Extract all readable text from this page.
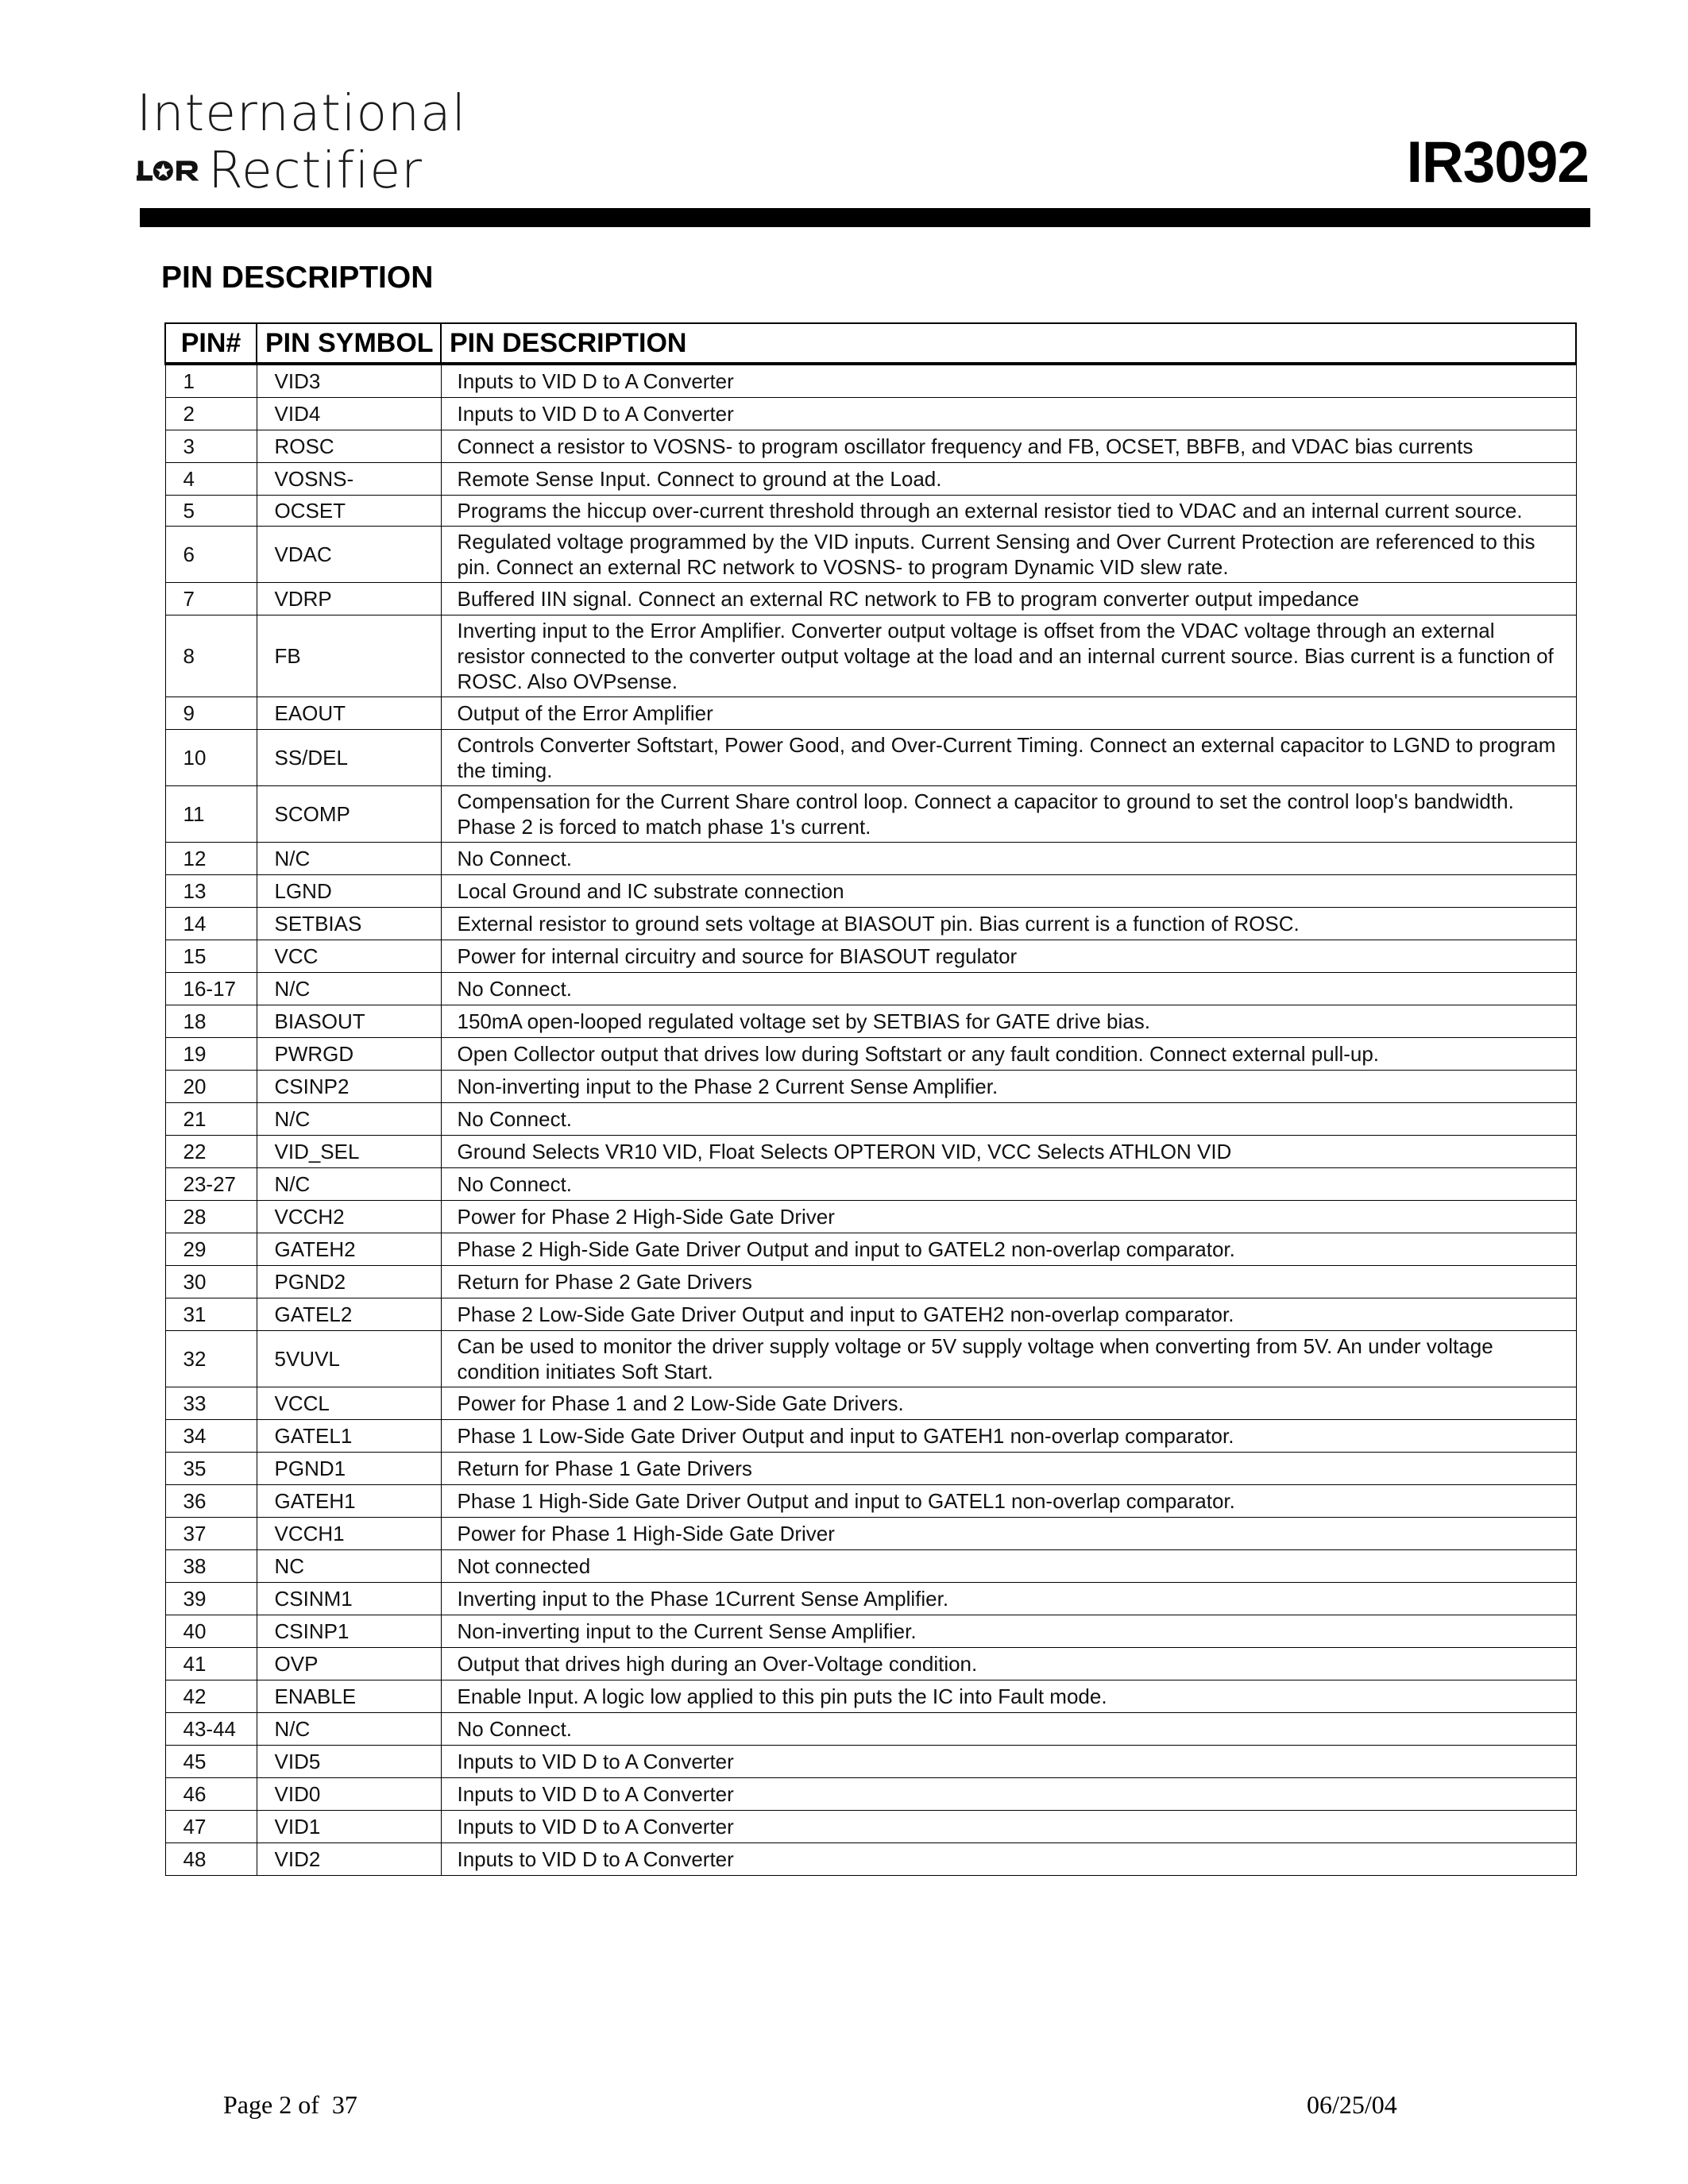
International
Rectifier	IR3092
PIN DESCRIPTION
PIN#	PIN SYMBOL	PIN DESCRIPTION
1	VID3	Inputs to VID D to A Converter
2	VID4	Inputs to VID D to A Converter
3	ROSC	Connect a resistor to VOSNS- to program oscillator frequency and FB, OCSET, BBFB, and VDAC bias currents
4	VOSNS-	Remote Sense Input. Connect to ground at the Load.
5	OCSET	Programs the hiccup over-current threshold through an external resistor tied to VDAC and an internal current source.
6	VDAC	Regulated voltage programmed by the VID inputs. Current Sensing and Over Current Protection are referenced to this pin. Connect an external RC network to VOSNS- to program Dynamic VID slew rate.
7	VDRP	Buffered IIN signal. Connect an external RC network to FB to program converter output impedance
8	FB	Inverting input to the Error Amplifier. Converter output voltage is offset from the VDAC voltage through an external resistor connected to the converter output voltage at the load and an internal current source. Bias current is a function of ROSC. Also OVPsense.
9	EAOUT	Output of the Error Amplifier
10	SS/DEL	Controls Converter Softstart, Power Good, and Over-Current Timing. Connect an external capacitor to LGND to program the timing.
11	SCOMP	Compensation for the Current Share control loop. Connect a capacitor to ground to set the control loop's bandwidth. Phase 2 is forced to match phase 1's current.
12	N/C	No Connect.
13	LGND	Local Ground and IC substrate connection
14	SETBIAS	External resistor to ground sets voltage at BIASOUT pin. Bias current is a function of ROSC.
15	VCC	Power for internal circuitry and source for BIASOUT regulator
16-17	N/C	No Connect.
18	BIASOUT	150mA open-looped regulated voltage set by SETBIAS for GATE drive bias.
19	PWRGD	Open Collector output that drives low during Softstart or any fault condition. Connect external pull-up.
20	CSINP2	Non-inverting input to the Phase 2 Current Sense Amplifier.
21	N/C	No Connect.
22	VID_SEL	Ground Selects VR10 VID, Float Selects OPTERON VID, VCC Selects ATHLON VID
23-27	N/C	No Connect.
28	VCCH2	Power for Phase 2 High-Side Gate Driver
29	GATEH2	Phase 2 High-Side Gate Driver Output and input to GATEL2 non-overlap comparator.
30	PGND2	Return for Phase 2 Gate Drivers
31	GATEL2	Phase 2 Low-Side Gate Driver Output and input to GATEH2 non-overlap comparator.
32	5VUVL	Can be used to monitor the driver supply voltage or 5V supply voltage when converting from 5V. An under voltage condition initiates Soft Start.
33	VCCL	Power for Phase 1 and 2 Low-Side Gate Drivers.
34	GATEL1	Phase 1 Low-Side Gate Driver Output and input to GATEH1 non-overlap comparator.
35	PGND1	Return for Phase 1 Gate Drivers
36	GATEH1	Phase 1 High-Side Gate Driver Output and input to GATEL1 non-overlap comparator.
37	VCCH1	Power for Phase 1 High-Side Gate Driver
38	NC	Not connected
39	CSINM1	Inverting input to the Phase 1Current Sense Amplifier.
40	CSINP1	Non-inverting input to the Current Sense Amplifier.
41	OVP	Output that drives high during an Over-Voltage condition.
42	ENABLE	Enable Input. A logic low applied to this pin puts the IC into Fault mode.
43-44	N/C	No Connect.
45	VID5	Inputs to VID D to A Converter
46	VID0	Inputs to VID D to A Converter
47	VID1	Inputs to VID D to A Converter
48	VID2	Inputs to VID D to A Converter
Page 2 of  37	06/25/04
